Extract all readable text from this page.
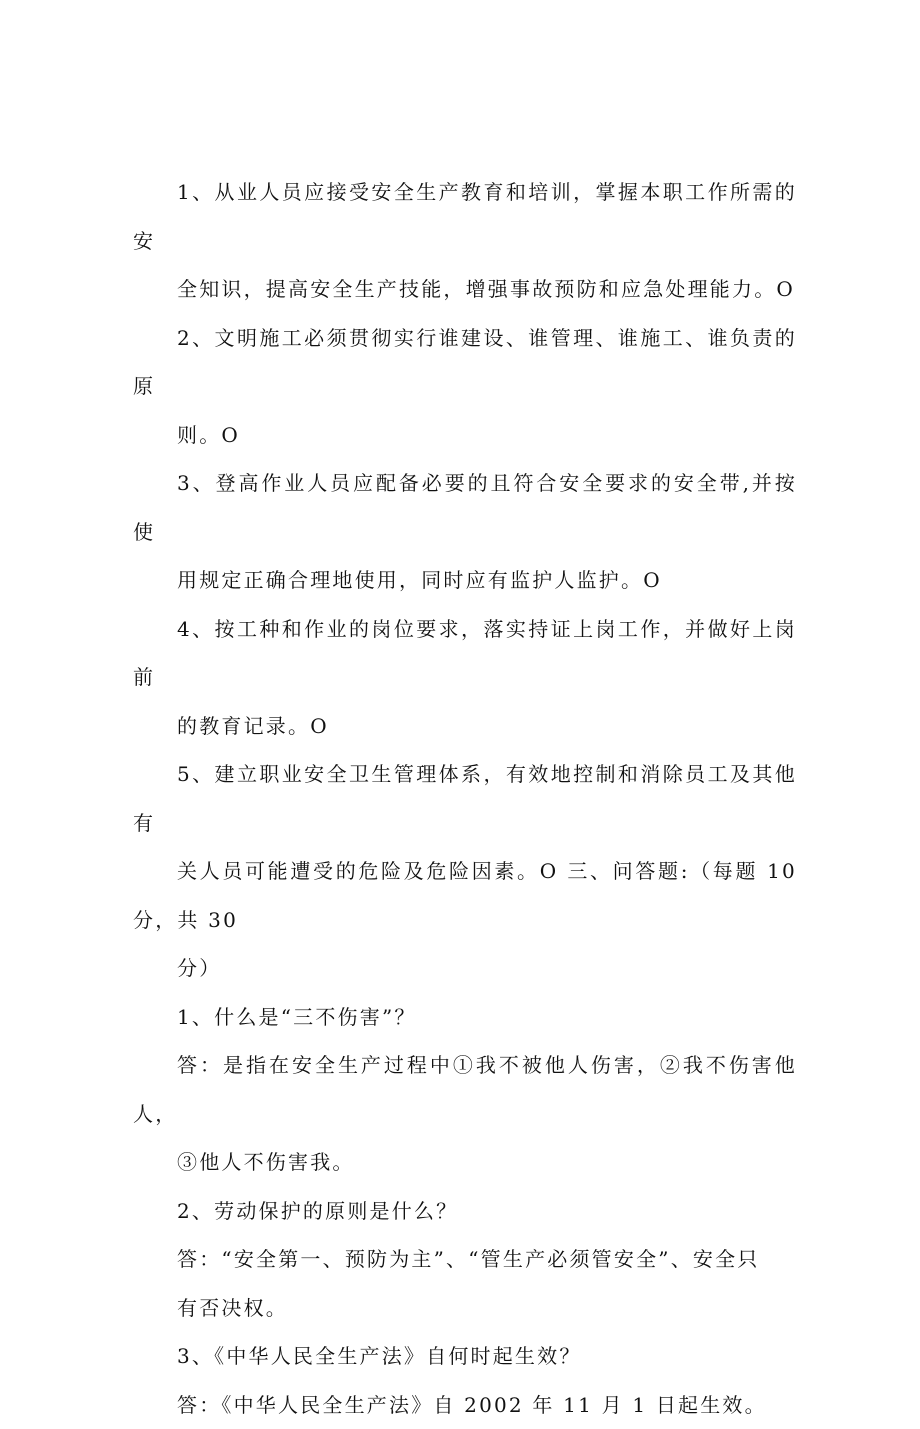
1、从业人员应接受安全生产教育和培训，掌握本职工作所需的安
全知识，提高安全生产技能，增强事故预防和应急处理能力。O

2、文明施工必须贯彻实行谁建设、谁管理、谁施工、谁负责的原
则。O

3、登高作业人员应配备必要的且符合安全要求的安全带,并按使
用规定正确合理地使用，同时应有监护人监护。O

4、按工种和作业的岗位要求，落实持证上岗工作，并做好上岗前
的教育记录。O

5、建立职业安全卫生管理体系，有效地控制和消除员工及其他有
关人员可能遭受的危险及危险因素。O 三、问答题:（每题 10 分，共 30
分）

1、什么是“三不伤害”？

答：是指在安全生产过程中①我不被他人伤害，②我不伤害他人，
③他人不伤害我。

2、劳动保护的原则是什么？

答：“安全第一、预防为主”、“管生产必须管安全”、安全只
有否决权。

3、《中华人民全生产法》自何时起生效？

答：《中华人民全生产法》自 2002 年 11 月 1 日起生效。
